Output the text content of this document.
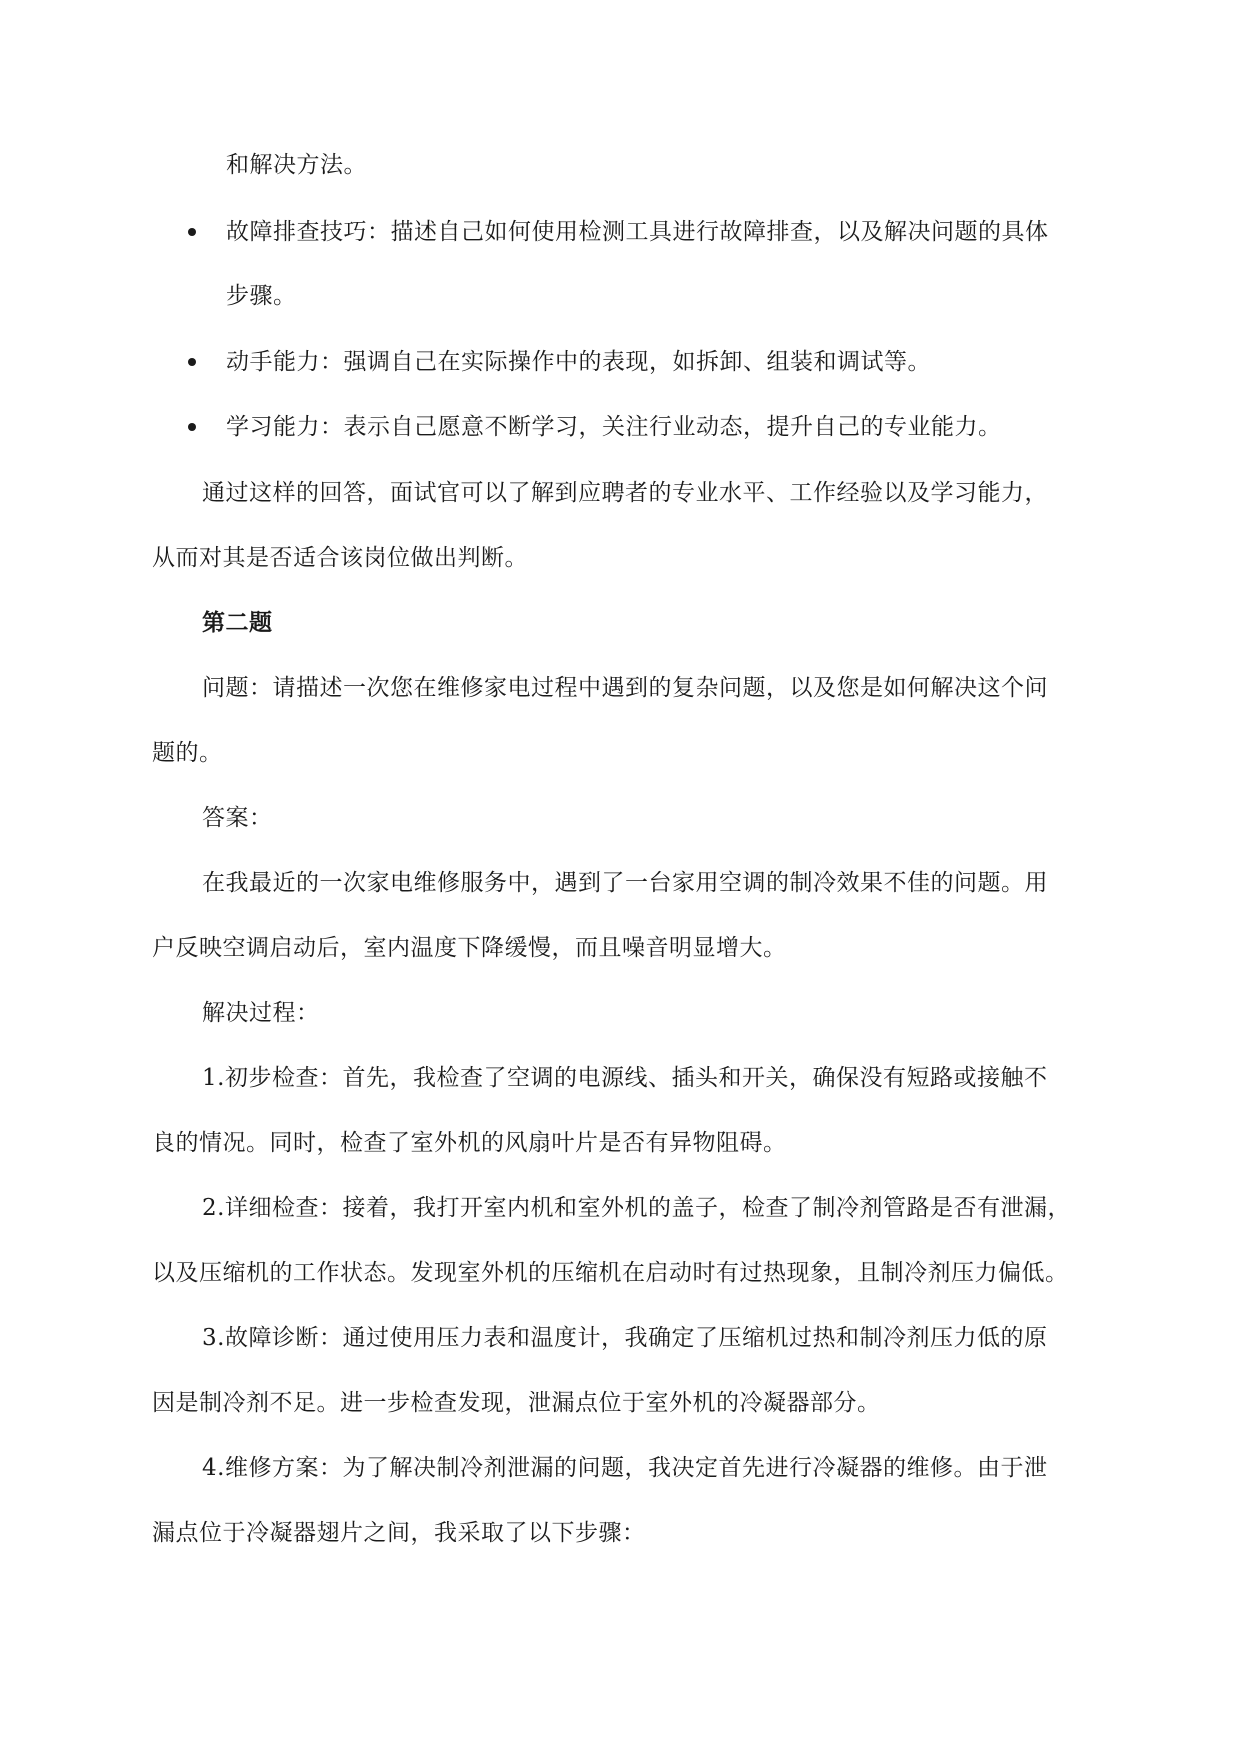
和解决方法。
故障排查技巧：描述自己如何使用检测工具进行故障排查，以及解决问题的具体
步骤。
动手能力：强调自己在实际操作中的表现，如拆卸、组装和调试等。
学习能力：表示自己愿意不断学习，关注行业动态，提升自己的专业能力。
通过这样的回答，面试官可以了解到应聘者的专业水平、工作经验以及学习能力，
从而对其是否适合该岗位做出判断。
第二题
问题：请描述一次您在维修家电过程中遇到的复杂问题，以及您是如何解决这个问
题的。
答案：
在我最近的一次家电维修服务中，遇到了一台家用空调的制冷效果不佳的问题。用
户反映空调启动后，室内温度下降缓慢，而且噪音明显增大。
解决过程：
1.初步检查：首先，我检查了空调的电源线、插头和开关，确保没有短路或接触不
良的情况。同时，检查了室外机的风扇叶片是否有异物阻碍。
2.详细检查：接着，我打开室内机和室外机的盖子，检查了制冷剂管路是否有泄漏，
以及压缩机的工作状态。发现室外机的压缩机在启动时有过热现象，且制冷剂压力偏低。
3.故障诊断：通过使用压力表和温度计，我确定了压缩机过热和制冷剂压力低的原
因是制冷剂不足。进一步检查发现，泄漏点位于室外机的冷凝器部分。
4.维修方案：为了解决制冷剂泄漏的问题，我决定首先进行冷凝器的维修。由于泄
漏点位于冷凝器翅片之间，我采取了以下步骤：
